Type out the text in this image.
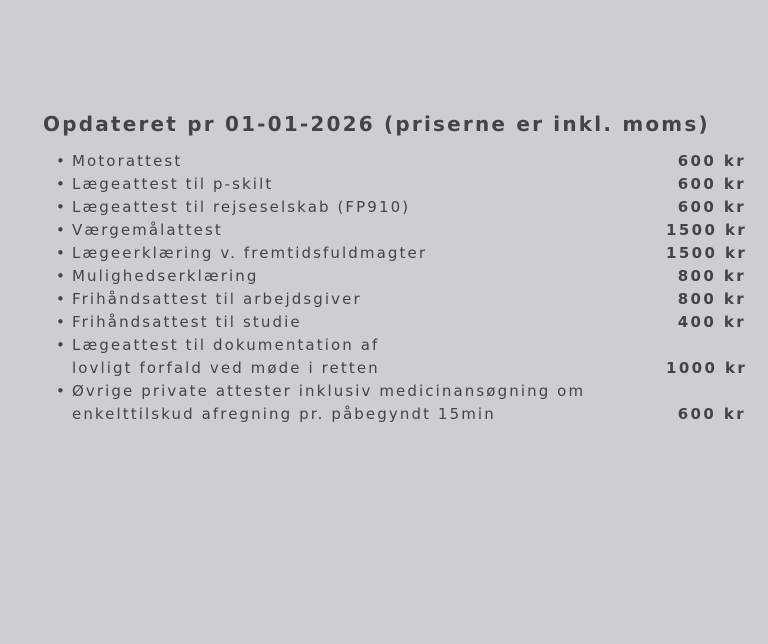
Opdateret pr 01-01-2026 (priserne er inkl. moms)
• Motorattest	600 kr
• Lægeattest til p-skilt	600 kr
• Lægeattest til rejseselskab (FP910)	600 kr
• Værgemålattest	1500 kr
• Lægeerklæring v. fremtidsfuldmagter	1500 kr
• Mulighedserklæring	800 kr
• Frihåndsattest til arbejdsgiver	800 kr
• Frihåndsattest til studie	400 kr
• Lægeattest til dokumentation af
lovligt forfald ved møde i retten	1000 kr
• Øvrige private attester inklusiv medicinansøgning om
enkelttilskud afregning pr. påbegyndt 15min	600 kr
